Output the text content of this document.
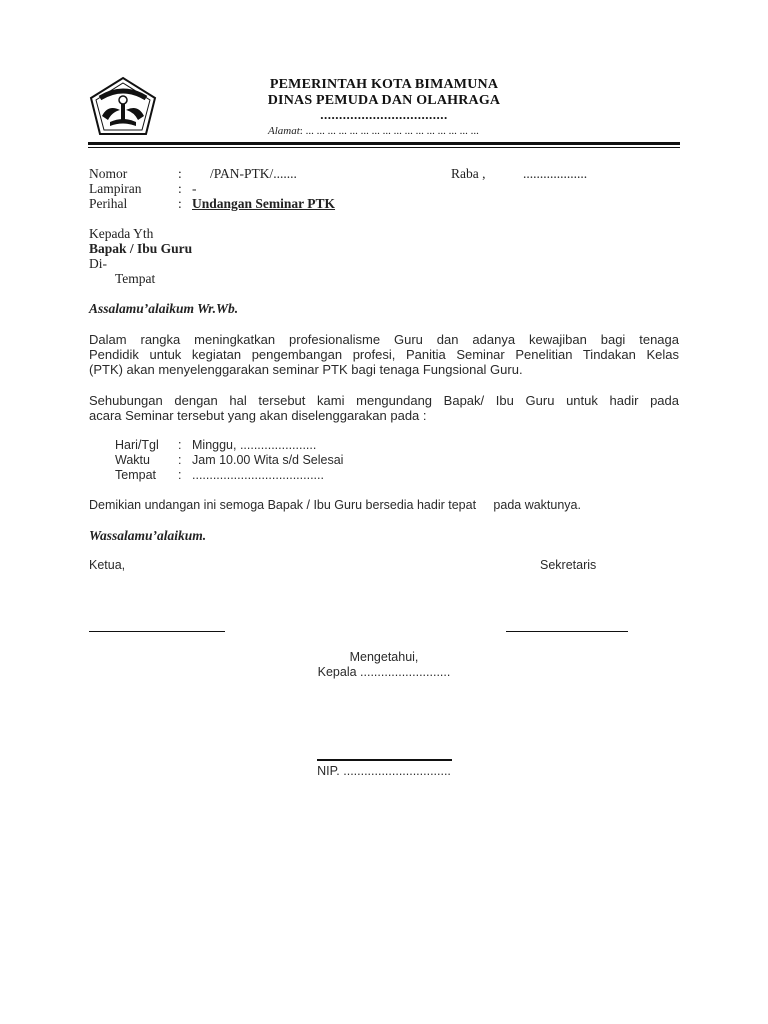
PEMERINTAH KOTA BIMAMUNA
DINAS PEMUDA DAN OLAHRAGA
..................................
Alamat: ... ... ... ... ... ... ... ... ... ... ... ... ... ... ... ...
Nomor	: /PAN-PTK/.......	Raba ,	...................
Lampiran	: -
Perihal	: Undangan Seminar PTK
Kepada Yth
Bapak / Ibu Guru
Di-
Tempat
Assalamu’alaikum Wr.Wb.
Dalam rangka meningkatkan profesionalisme Guru dan adanya kewajiban bagi tenaga
Pendidik untuk kegiatan pengembangan profesi, Panitia Seminar Penelitian Tindakan Kelas
(PTK) akan menyelenggarakan seminar PTK bagi tenaga Fungsional Guru.
Sehubungan dengan hal tersebut kami mengundang Bapak/ Ibu Guru untuk hadir pada
acara Seminar tersebut yang akan diselenggarakan pada :
Hari/Tgl : Minggu, ......................
Waktu : Jam 10.00 Wita s/d Selesai
Tempat : ......................................
Demikian undangan ini semoga Bapak / Ibu Guru bersedia hadir tepat     pada waktunya.
Wassalamu’alaikum.
Ketua,	Sekretaris
Mengetahui,
Kepala ..........................
NIP. ...............................
